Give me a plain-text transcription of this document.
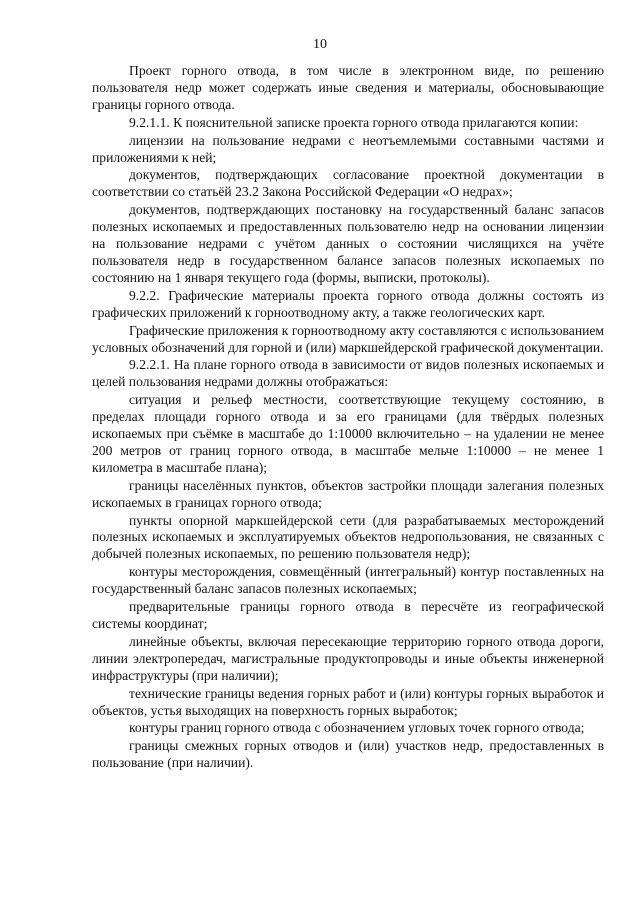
10

Проект горного отвода, в том числе в электронном виде, по решению пользователя недр может содержать иные сведения и материалы, обосновывающие границы горного отвода.

9.2.1.1. К пояснительной записке проекта горного отвода прилагаются копии:

лицензии на пользование недрами с неотъемлемыми составными частями и приложениями к ней;

документов, подтверждающих согласование проектной документации в соответствии со статьёй 23.2 Закона Российской Федерации «О недрах»;

документов, подтверждающих постановку на государственный баланс запасов полезных ископаемых и предоставленных пользователю недр на основании лицензии на пользование недрами с учётом данных о состоянии числящихся на учёте пользователя недр в государственном балансе запасов полезных ископаемых по состоянию на 1 января текущего года (формы, выписки, протоколы).

9.2.2. Графические материалы проекта горного отвода должны состоять из графических приложений к горноотводному акту, а также геологических карт.

Графические приложения к горноотводному акту составляются с использованием условных обозначений для горной и (или) маркшейдерской графической документации.

9.2.2.1. На плане горного отвода в зависимости от видов полезных ископаемых и целей пользования недрами должны отображаться:

ситуация и рельеф местности, соответствующие текущему состоянию, в пределах площади горного отвода и за его границами (для твёрдых полезных ископаемых при съёмке в масштабе до 1:10000 включительно – на удалении не менее 200 метров от границ горного отвода, в масштабе мельче 1:10000 – не менее 1 километра в масштабе плана);

границы населённых пунктов, объектов застройки площади залегания полезных ископаемых в границах горного отвода;

пункты опорной маркшейдерской сети (для разрабатываемых месторождений полезных ископаемых и эксплуатируемых объектов недропользования, не связанных с добычей полезных ископаемых, по решению пользователя недр);

контуры месторождения, совмещённый (интегральный) контур поставленных на государственный баланс запасов полезных ископаемых;

предварительные границы горного отвода в пересчёте из географической системы координат;

линейные объекты, включая пересекающие территорию горного отвода дороги, линии электропередач, магистральные продуктопроводы и иные объекты инженерной инфраструктуры (при наличии);

технические границы ведения горных работ и (или) контуры горных выработок и объектов, устья выходящих на поверхность горных выработок;

контуры границ горного отвода с обозначением угловых точек горного отвода;

границы смежных горных отводов и (или) участков недр, предоставленных в пользование (при наличии).
